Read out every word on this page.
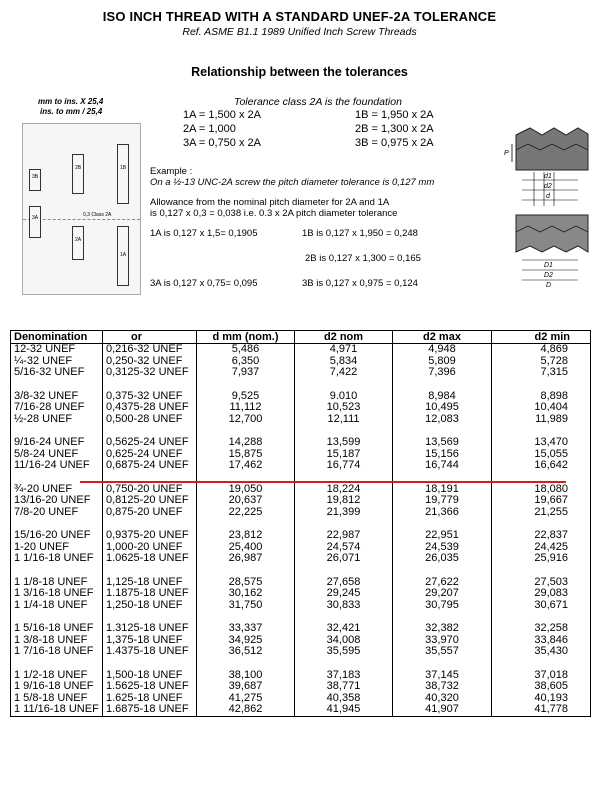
ISO INCH THREAD WITH A STANDARD UNEF-2A TOLERANCE
Ref. ASME B1.1 1989 Unified Inch Screw Threads
Relationship between the tolerances
mm to ins. X 25,4
ins. to mm / 25,4
1B
2B
3B
3A
2A
1A
0,3 Class 2A
Tolerance class 2A is the foundation
1A = 1,500 x 2A	1B = 1,950 x 2A
2A = 1,000	2B = 1,300 x 2A
3A = 0,750 x 2A	3B = 0,975 x 2A
Example :
On a ½-13 UNC-2A screw the pitch diameter tolerance is 0,127 mm
Allowance from the nominal pitch diameter for 2A and 1A
is 0,127 x 0,3 = 0,038 i.e. 0.3 x 2A pitch diameter tolerance
1A is 0,127 x 1,5= 0,1905	1B is 0,127 x 1,950 = 0,248
2B is 0,127 x 1,300 = 0,165
3A is 0,127 x 0,75= 0,095	3B is 0,127 x 0,975 = 0,124
P
d1
d2
d
D1
D2
D
Denomination	or	d mm (nom.)	d2 nom	d2 max	d2 min
12-32 UNEF	0,216-32 UNEF	5,486	4,971	4,948	4,869
¼-32 UNEF	0,250-32 UNEF	6,350	5,834	5,809	5,728
5/16-32 UNEF	0,3125-32 UNEF	7,937	7,422	7,396	7,315

3/8-32 UNEF	0,375-32 UNEF	9,525	9.010	8,984	8,898
7/16-28 UNEF	0,4375-28 UNEF	11,112	10,523	10,495	10,404
½-28 UNEF	0,500-28 UNEF	12,700	12,111	12,083	11,989

9/16-24 UNEF	0,5625-24 UNEF	14,288	13,599	13,569	13,470
5/8-24 UNEF	0,625-24 UNEF	15,875	15,187	15,156	15,055
11/16-24 UNEF	0,6875-24 UNEF	17,462	16,774	16,744	16,642

¾-20 UNEF	0,750-20 UNEF	19,050	18,224	18,191	18,080
13/16-20 UNEF	0,8125-20 UNEF	20,637	19,812	19,779	19,667
7/8-20 UNEF	0,875-20 UNEF	22,225	21,399	21,366	21,255

15/16-20 UNEF	0,9375-20 UNEF	23,812	22,987	22,951	22,837
1-20 UNEF	1,000-20 UNEF	25,400	24,574	24,539	24,425
1 1/16-18 UNEF	1.0625-18 UNEF	26,987	26,071	26,035	25,916

1 1/8-18 UNEF	1,125-18 UNEF	28,575	27,658	27,622	27,503
1 3/16-18 UNEF	1.1875-18 UNEF	30,162	29,245	29,207	29,083
1 1/4-18 UNEF	1,250-18 UNEF	31,750	30,833	30,795	30,671

1 5/16-18 UNEF	1.3125-18 UNEF	33,337	32,421	32,382	32,258
1 3/8-18 UNEF	1,375-18 UNEF	34,925	34,008	33,970	33,846
1 7/16-18 UNEF	1.4375-18 UNEF	36,512	35,595	35,557	35,430

1 1/2-18 UNEF	1,500-18 UNEF	38,100	37,183	37,145	37,018
1 9/16-18 UNEF	1.5625-18 UNEF	39,687	38,771	38,732	38,605
1 5/8-18 UNEF	1.625-18 UNEF	41,275	40,358	40,320	40,193
1 11/16-18 UNEF	1.6875-18 UNEF	42,862	41,945	41,907	41,778
